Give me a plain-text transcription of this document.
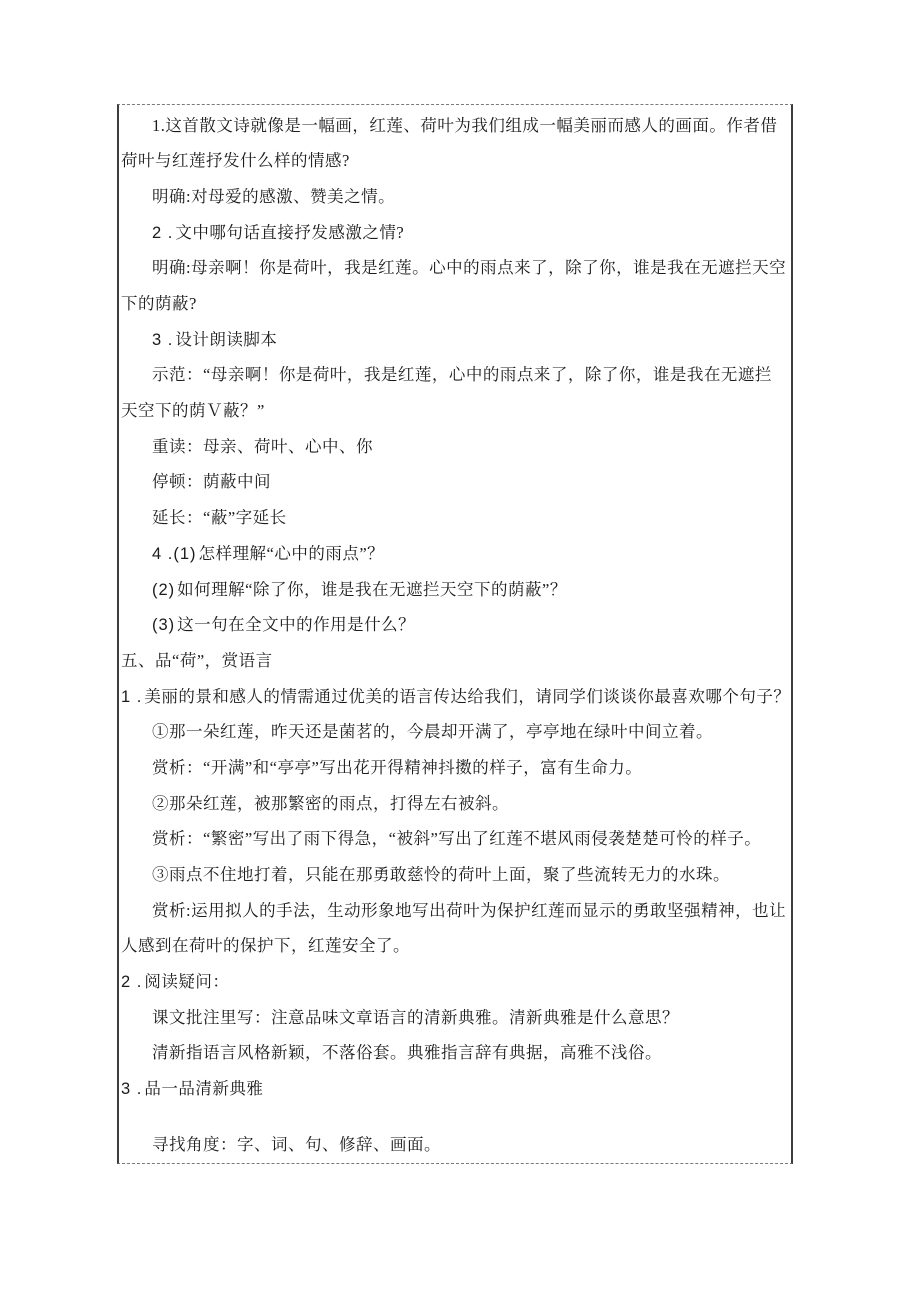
1.这首散文诗就像是一幅画，红莲、荷叶为我们组成一幅美丽而感人的画面。作者借
荷叶与红莲抒发什么样的情感?
明确:对母爱的感激、赞美之情。
2 . 文中哪句话直接抒发感激之情?
明确:母亲啊！你是荷叶，我是红莲。心中的雨点来了，除了你，谁是我在无遮拦天空
下的荫蔽?
3 . 设计朗读脚本
示范：“母亲啊！你是荷叶，我是红莲，心中的雨点来了，除了你，谁是我在无遮拦
天空下的荫Ｖ蔽？”
重读：母亲、荷叶、心中、你
停顿：荫蔽中间
延长：“蔽”字延长
4 .(1) 怎样理解“心中的雨点”？
(2) 如何理解“除了你，谁是我在无遮拦天空下的荫蔽”？
(3) 这一句在全文中的作用是什么？
五、品“荷”，赏语言
1 . 美丽的景和感人的情需通过优美的语言传达给我们，请同学们谈谈你最喜欢哪个句子？
①那一朵红莲，昨天还是菌茗的，今晨却开满了，亭亭地在绿叶中间立着。
赏析：“开满”和“亭亭”写出花开得精神抖擞的样子，富有生命力。
②那朵红莲，被那繁密的雨点，打得左右被斜。
赏析：“繁密”写出了雨下得急，“被斜”写出了红莲不堪风雨侵袭楚楚可怜的样子。
③雨点不住地打着，只能在那勇敢慈怜的荷叶上面，聚了些流转无力的水珠。
赏析:运用拟人的手法，生动形象地写出荷叶为保护红莲而显示的勇敢坚强精神，也让
人感到在荷叶的保护下，红莲安全了。
2 . 阅读疑问：
课文批注里写：注意品味文章语言的清新典雅。清新典雅是什么意思？
清新指语言风格新颖，不落俗套。典雅指言辞有典据，高雅不浅俗。
3 . 品一品清新典雅
寻找角度：字、词、句、修辞、画面。
